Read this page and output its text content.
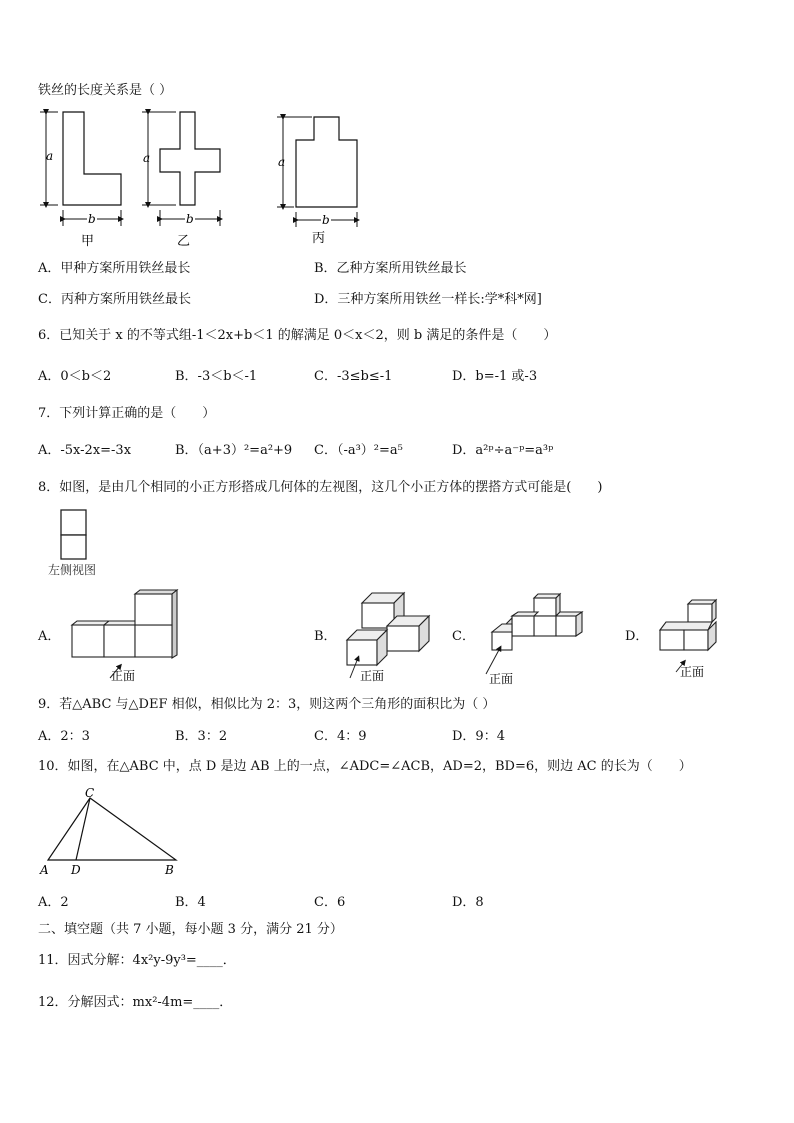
铁丝的长度关系是（ ）
a	a	a
b	b	b
甲	乙	丙
A．甲种方案所用铁丝最长	B．乙种方案所用铁丝最长
C．丙种方案所用铁丝最长	D．三种方案所用铁丝一样长:学*科*网]
6．已知关于 x 的不等式组-1＜2x+b＜1 的解满足 0＜x＜2，则 b 满足的条件是（　　）
A．0＜b＜2	B．-3＜b＜-1	C．-3≤b≤-1	D．b=-1 或-3
7．下列计算正确的是（　　）
A．-5x-2x=-3x	B．（a+3）²=a²+9 C．（-a³）²=a⁵	D．a²ᵖ÷a⁻ᵖ=a³ᵖ
8．如图，是由几个相同的小正方形搭成几何体的左视图，这几个小正方体的摆搭方式可能是(　　)
左侧视图
A．	B．	C．	D．
正面	正面	正面	正面
9．若△ABC 与△DEF 相似，相似比为 2：3，则这两个三角形的面积比为（ ）
A．2：3	B．3：2	C．4：9	D．9：4
10．如图，在△ABC 中，点 D 是边 AB 上的一点，∠ADC=∠ACB，AD=2，BD=6，则边 AC 的长为（　　）
C
A D	B
A．2	B．4	C．6	D．8
二、填空题（共 7 小题，每小题 3 分，满分 21 分）
11．因式分解：4x²y-9y³=____．
12．分解因式：mx²-4m=____．
